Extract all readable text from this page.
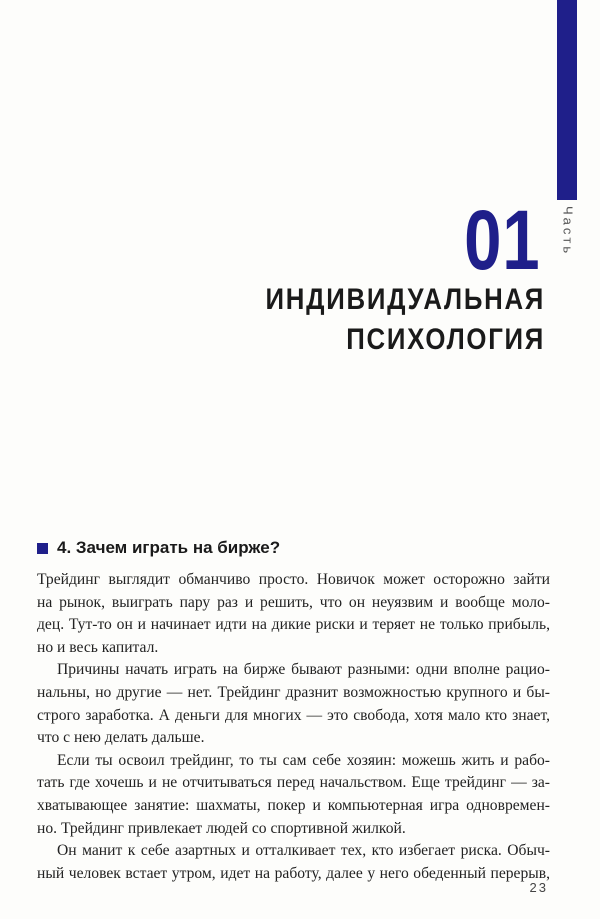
Часть
01
ИНДИВИДУАЛЬНАЯ
ПСИХОЛОГИЯ
4. Зачем играть на бирже?

Трейдинг выглядит обманчиво просто. Новичок может осторожно зайти
на рынок, выиграть пару раз и решить, что он неуязвим и вообще моло-
дец. Тут-то он и начинает идти на дикие риски и теряет не только прибыль,
но и весь капитал.

Причины начать играть на бирже бывают разными: одни вполне рацио-
нальны, но другие — нет. Трейдинг дразнит возможностью крупного и бы-
строго заработка. А деньги для многих — это свобода, хотя мало кто знает,
что с нею делать дальше.

Если ты освоил трейдинг, то ты сам себе хозяин: можешь жить и рабо-
тать где хочешь и не отчитываться перед начальством. Еще трейдинг — за-
хватывающее занятие: шахматы, покер и компьютерная игра одновремен-
но. Трейдинг привлекает людей со спортивной жилкой.

Он манит к себе азартных и отталкивает тех, кто избегает риска. Обыч-
ный человек встает утром, идет на работу, далее у него обеденный перерыв,

23
